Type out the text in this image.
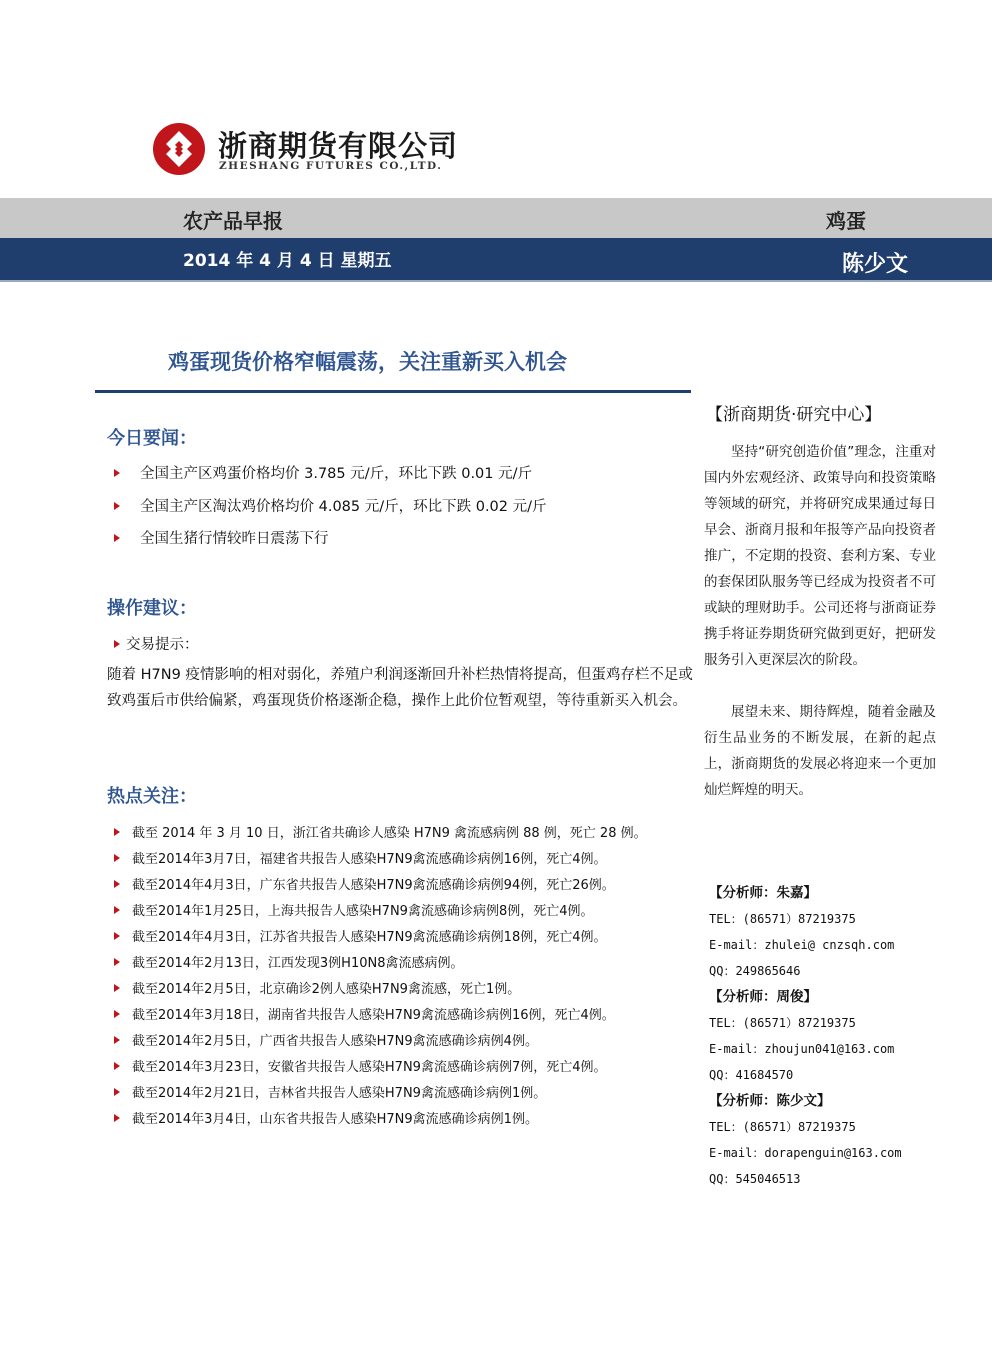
浙商期货有限公司
ZHESHANG FUTURES CO.,LTD.
农产品早报	鸡蛋
2014 年 4 月 4 日 星期五	陈少文
鸡蛋现货价格窄幅震荡，关注重新买入机会
今日要闻：
全国主产区鸡蛋价格均价 3.785 元/斤，环比下跌 0.01 元/斤
全国主产区淘汰鸡价格均价 4.085 元/斤，环比下跌 0.02 元/斤
全国生猪行情较昨日震荡下行
操作建议：
交易提示：
随着 H7N9 疫情影响的相对弱化，养殖户利润逐渐回升补栏热情将提高，但蛋鸡存栏不足或致鸡蛋后市供给偏紧，鸡蛋现货价格逐渐企稳，操作上此价位暂观望，等待重新买入机会。
热点关注：
截至 2014 年 3 月 10 日，浙江省共确诊人感染 H7N9 禽流感病例 88 例，死亡 28 例。
截至2014年3月7日，福建省共报告人感染H7N9禽流感确诊病例16例，死亡4例。
截至2014年4月3日，广东省共报告人感染H7N9禽流感确诊病例94例，死亡26例。
截至2014年1月25日，上海共报告人感染H7N9禽流感确诊病例8例，死亡4例。
截至2014年4月3日，江苏省共报告人感染H7N9禽流感确诊病例18例，死亡4例。
截至2014年2月13日，江西发现3例H10N8禽流感病例。
截至2014年2月5日，北京确诊2例人感染H7N9禽流感，死亡1例。
截至2014年3月18日，湖南省共报告人感染H7N9禽流感确诊病例16例，死亡4例。
截至2014年2月5日，广西省共报告人感染H7N9禽流感确诊病例4例。
截至2014年3月23日，安徽省共报告人感染H7N9禽流感确诊病例7例，死亡4例。
截至2014年2月21日，吉林省共报告人感染H7N9禽流感确诊病例1例。
截至2014年3月4日，山东省共报告人感染H7N9禽流感确诊病例1例。
【浙商期货·研究中心】
坚持“研究创造价值”理念，注重对国内外宏观经济、政策导向和投资策略等领域的研究，并将研究成果通过每日早会、浙商月报和年报等产品向投资者推广，不定期的投资、套利方案、专业的套保团队服务等已经成为投资者不可或缺的理财助手。公司还将与浙商证券携手将证券期货研究做到更好，把研发服务引入更深层次的阶段。
展望未来、期待辉煌，随着金融及衍生品业务的不断发展，在新的起点上，浙商期货的发展必将迎来一个更加灿烂辉煌的明天。
【分析师：朱嘉】
TEL：(86571）87219375
E-mail：zhulei@ cnzsqh.com
QQ：249865646
【分析师：周俊】
TEL：(86571）87219375
E-mail：zhoujun041@163.com
QQ：41684570
【分析师：陈少文】
TEL：(86571）87219375
E-mail：dorapenguin@163.com
QQ：545046513
